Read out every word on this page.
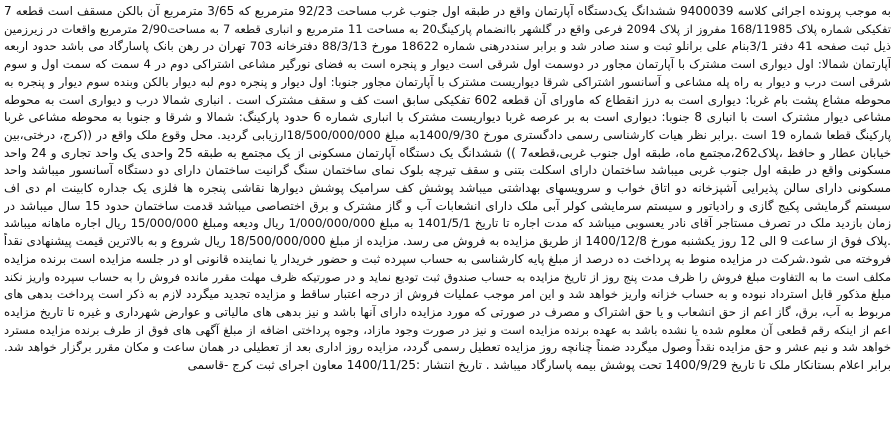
به موجب پرونده اجرائی کلاسه 9400039 ششدانگ یک‌دستگاه آپارتمان واقع در طبقه اول جنوب غرب مساحت 92/23 مترمربع که 3/65 مترمربع آن بالکن مسقف است قطعه 7
تفکیکی شماره پلاک 168/11985 مفروز از پلاک 2094 فرعی واقع در گلشهر باانضمام پارکینگ20 به مساحت 11 مترمربع و انباری قطعه 7 به مساحت2/90 مترمربع واقعات در زیرزمین
ذیل ثبت صفحه 41 دفتر 3/1بنام علی برانلو ثبت و سند صادر شد و برابر سنددرهنی شماره 18622 مورخ 88/3/13 دفترخانه 703 تهران در رهن بانک پاسارگاد می باشد حدود اربعه
آپارتمان شمالا: اول دیواری است مشترک با آپارتمان مجاور در دوسمت اول شرقی است دیوار و پنجره است به فضای نورگیر مشاعی اشتراکی دوم در 4 سمت که سمت اول و سوم
شرقی است درب و دیوار به راه پله مشاعی و آسانسور اشتراکی شرقا دیواریست مشترک با آپارتمان مجاور جنوبا: اول دیوار و پنجره دوم لبه دیوار بالکن وبنده سوم دیوار و پنجره به
محوطه مشاع پشت بام غربا: دیواری است به درز انقطاع که ماورای آن قطعه 602 تفکیکی سابق است کف و سقف مشترک است . انباری شمالا درب و دیواری است به محوطه
مشاعی دیوار مشترک است با انباری 8 جنوبا: دیواری است به بر عرصه غربا دیواریست مشترک با انباری شماره 6 حدود پارکینگ: شمالا و شرقا و جنوبا به محوطه مشاعی غربا
پارکینگ قطعا شماره 19 است .برابر نظر هیات کارشناسی رسمی دادگستری مورخ 1400/9/30به مبلغ 18/500/000/000ارزیابی گردید. محل وقوع ملک واقع در ((کرج، درختی،بین
خیابان عطار و حافظ ،پلاک262،مجتمع ماه، طبقه اول جنوب غربی،قطعه7 )) ششدانگ یک دستگاه آپارتمان مسکونی از یک مجتمع به طبقه 25 واحدی یک واحد تجاری و 24 واحد
مسکونی واقع در طبقه اول جنوب غربی میباشد ساختمان دارای اسکلت بتنی و سقف تیرچه بلوک نمای ساختمان سنگ گرانیت ساختمان دارای دو دستگاه آسانسور میباشد واحد
مسکونی دارای سالن پذیرایی آشپزخانه دو اتاق خواب و سرویسهای بهداشتی میباشد پوشش کف سرامیک پوشش دیوارها نقاشی پنجره ها فلزی یک جداره کابینت ام دی اف
سیستم گرمایشی پکیج گازی و رادیاتور و سیستم سرمایشی کولر آبی ملک دارای انشعابات آب و گاز مشترک و برق اختصاصی میباشد قدمت ساختمان حدود 15 سال میباشد در
زمان بازدید ملک در تصرف مستاجر آقای نادر یعسوبی میباشد که مدت اجاره تا تاریخ 1401/5/1 به مبلغ 1/000/000/000 ریال ودیعه ومبلغ 15/000/000 ریال اجاره ماهانه میباشد
.پلاک فوق از ساعت 9 الی 12 روز یکشنبه مورخ 1400/12/8 از طریق مزایده به فروش می رسد. مزایده از مبلغ 18/500/000/000 ریال شروع و به بالاترین قیمت پیشنهادی نقداً
فروخته می شود.شرکت در مزایده منوط به پرداخت ده درصد از مبلغ پایه کارشناسی به حساب سپرده ثبت و حضور خریدار یا نماینده قانونی او در جلسه مزایده است برنده مزایده
مکلف است ما به التفاوت مبلغ فروش را ظرف مدت پنج روز از تاریخ مزایده به حساب صندوق ثبت تودیع نماید و در صورتیکه ظرف مهلت مقرر مانده فروش را به حساب سپرده واریز نکند
مبلغ مذکور قابل استرداد نبوده و به حساب خزانه واریز خواهد شد و این امر موجب عملیات فروش از درجه اعتبار ساقط و مزایده تجدید میگردد لازم به ذکر است پرداخت بدهی های
مربوط به آب، برق، گاز اعم از حق انشعاب و یا حق اشتراک و مصرف در صورتی که مورد مزایده دارای آنها باشد و نیز بدهی های مالیاتی و عوارض شهرداری و غیره تا تاریخ مزایده
اعم از اینکه رقم قطعی آن معلوم شده یا نشده باشد به عهده برنده مزایده است و نیز در صورت وجود مازاد، وجوه پرداختی اضافه از مبلغ آگهی های فوق از طرف برنده مزایده مسترد
خواهد شد و نیم عشر و حق مزایده نقداً وصول میگردد ضمناً چنانچه روز مزایده تعطیل رسمی گردد، مزایده روز اداری بعد از تعطیلی در همان ساعت و مکان مقرر برگزار خواهد شد.
برابر اعلام بستانکار ملک تا تاریخ 1400/9/29 تحت پوشش بیمه پاسارگاد میباشد . تاریخ انتشار :1400/11/25 معاون اجرای ثبت کرج -قاسمی
